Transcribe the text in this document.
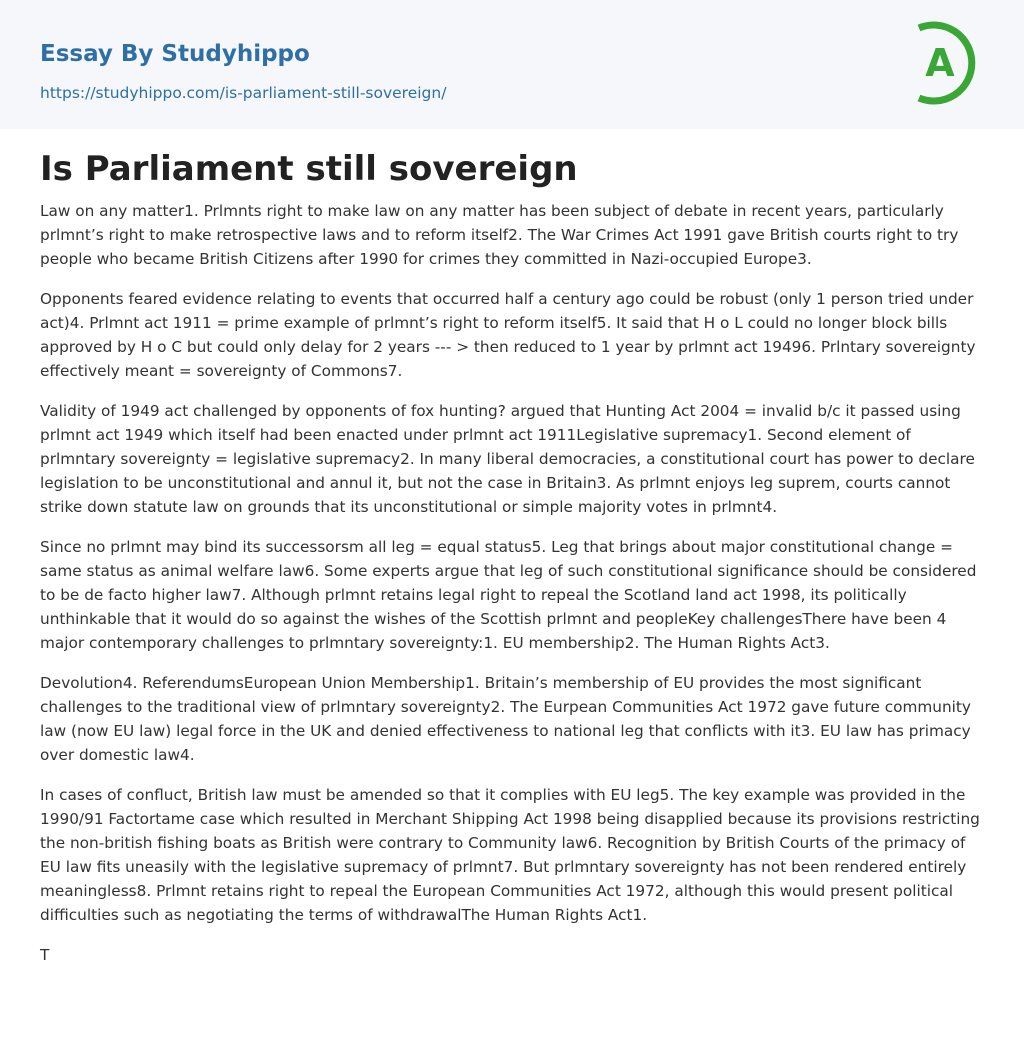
Essay By Studyhippo
https://studyhippo.com/is-parliament-still-sovereign/
A
Is Parliament still sovereign

Law on any matter1. Prlmnts right to make law on any matter has been subject of debate in recent years, particularly prlmnt’s right to make retrospective laws and to reform itself2. The War Crimes Act 1991 gave British courts right to try people who became British Citizens after 1990 for crimes they committed in Nazi-occupied Europe3.

Opponents feared evidence relating to events that occurred half a century ago could be robust (only 1 person tried under act)4. Prlmnt act 1911 = prime example of prlmnt’s right to reform itself5. It said that H o L could no longer block bills approved by H o C but could only delay for 2 years --- > then reduced to 1 year by prlmnt act 19496. Prlntary sovereignty effectively meant = sovereignty of Commons7.

Validity of 1949 act challenged by opponents of fox hunting? argued that Hunting Act 2004 = invalid b/c it passed using prlmnt act 1949 which itself had been enacted under prlmnt act 1911Legislative supremacy1. Second element of prlmntary sovereignty = legislative supremacy2. In many liberal democracies, a constitutional court has power to declare legislation to be unconstitutional and annul it, but not the case in Britain3. As prlmnt enjoys leg suprem, courts cannot strike down statute law on grounds that its unconstitutional or simple majority votes in prlmnt4.

Since no prlmnt may bind its successorsm all leg = equal status5. Leg that brings about major constitutional change = same status as animal welfare law6. Some experts argue that leg of such constitutional significance should be considered to be de facto higher law7. Although prlmnt retains legal right to repeal the Scotland land act 1998, its politically unthinkable that it would do so against the wishes of the Scottish prlmnt and peopleKey challengesThere have been 4 major contemporary challenges to prlmntary sovereignty:1. EU membership2. The Human Rights Act3.

Devolution4. ReferendumsEuropean Union Membership1. Britain’s membership of EU provides the most significant challenges to the traditional view of prlmntary sovereignty2. The Eurpean Communities Act 1972 gave future community law (now EU law) legal force in the UK and denied effectiveness to national leg that conflicts with it3. EU law has primacy over domestic law4.

In cases of confluct, British law must be amended so that it complies with EU leg5. The key example was provided in the 1990/91 Factortame case which resulted in Merchant Shipping Act 1998 being disapplied because its provisions restricting the non-british fishing boats as British were contrary to Community law6. Recognition by British Courts of the primacy of EU law fits uneasily with the legislative supremacy of prlmnt7. But prlmntary sovereignty has not been rendered entirely meaningless8. Prlmnt retains right to repeal the European Communities Act 1972, although this would present political difficulties such as negotiating the terms of withdrawalThe Human Rights Act1.

T
